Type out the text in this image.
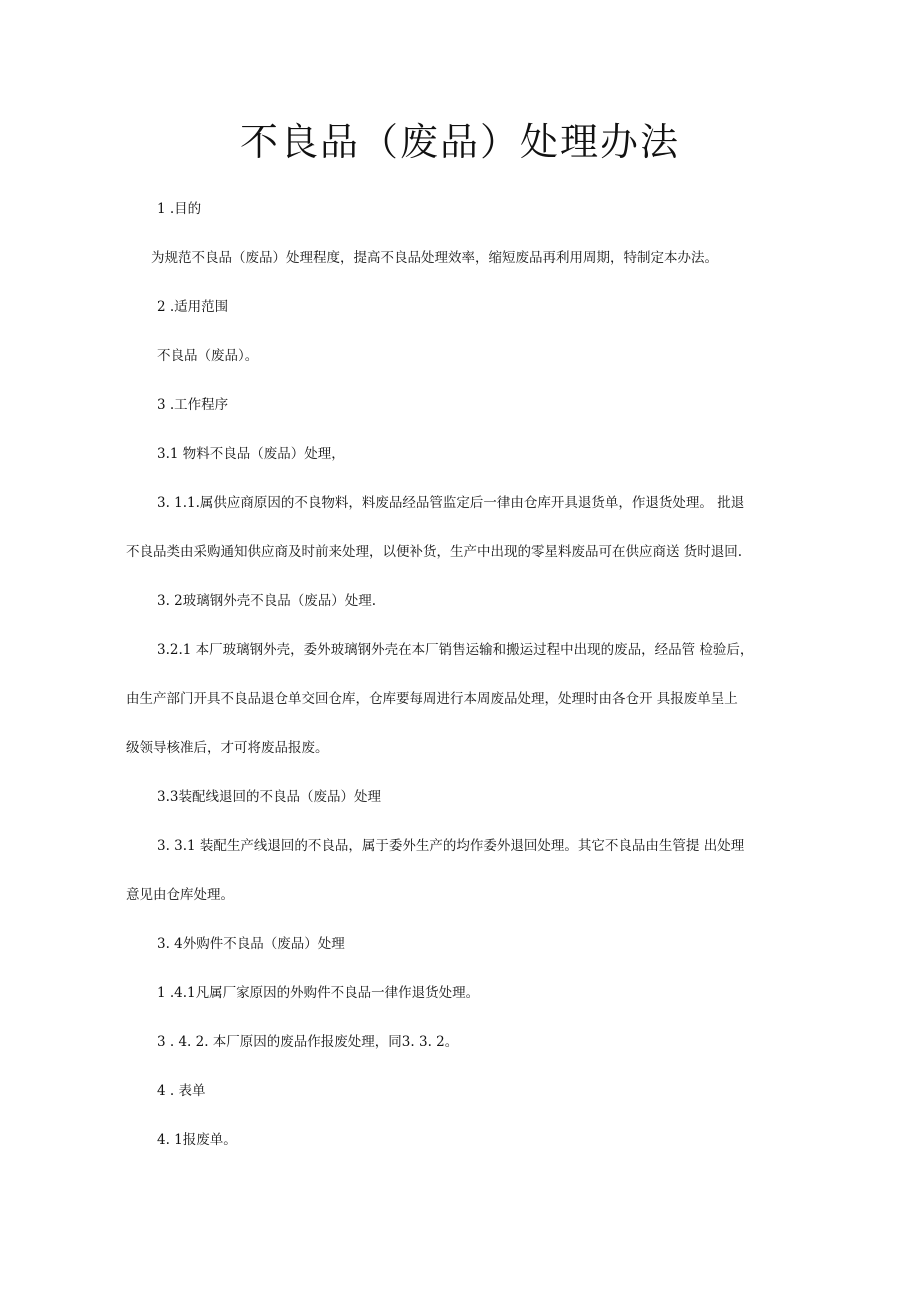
不良品（废品）处理办法
1 .目的
为规范不良品（废品）处理程度，提高不良品处理效率，缩短废品再利用周期，特制定本办法。
2 .适用范围
不良品（废品）。
3 .工作程序
3.1 物料不良品（废品）处理，
3. 1.1.属供应商原因的不良物料，料废品经品管监定后一律由仓库开具退货单，作退货处理。 批退
不良品类由采购通知供应商及时前来处理，以便补货，生产中出现的零星料废品可在供应商送 货时退回.
3. 2玻璃钢外壳不良品（废品）处理.
3.2.1 本厂玻璃钢外壳，委外玻璃钢外壳在本厂销售运输和搬运过程中出现的废品，经品管 检验后，
由生产部门开具不良品退仓单交回仓库，仓库要每周进行本周废品处理，处理时由各仓开 具报废单呈上
级领导核准后，才可将废品报废。
3.3装配线退回的不良品（废品）处理
3. 3.1 装配生产线退回的不良品，属于委外生产的均作委外退回处理。其它不良品由生管提 出处理
意见由仓库处理。
3. 4外购件不良品（废品）处理
1 .4.1凡属厂家原因的外购件不良品一律作退货处理。
3 . 4. 2. 本厂原因的废品作报废处理，同3. 3. 2。
4 . 表单
4. 1报废单。
